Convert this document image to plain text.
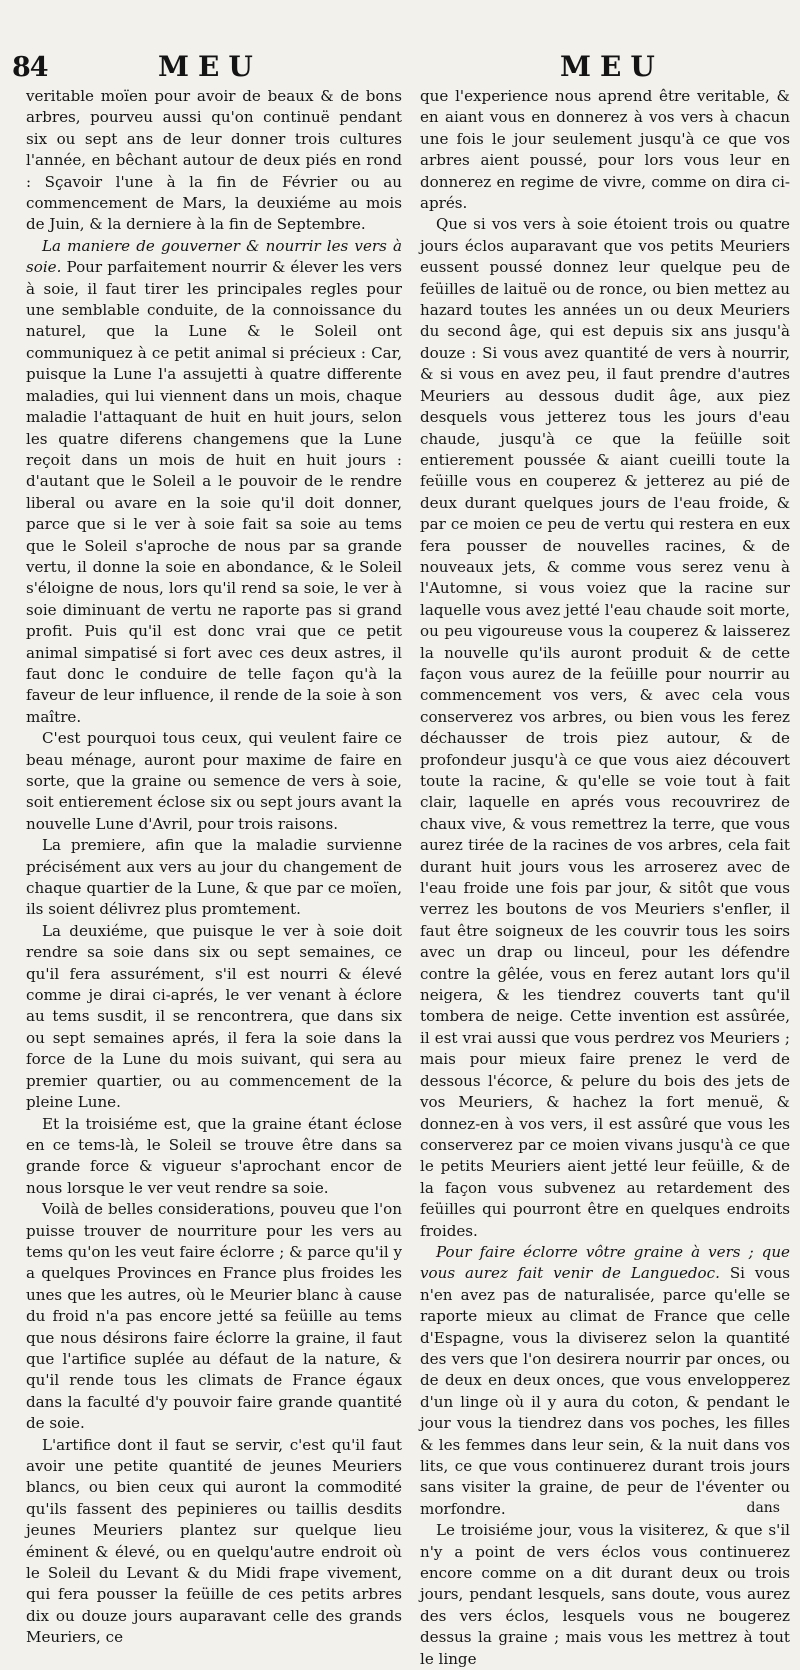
84	MEU	MEU

veritable moïen pour avoir de beaux & de bons arbres, pourveu aussi qu'on continuë pendant six ou sept ans de leur donner trois cultures l'année, en bêchant autour de deux piés en rond : Sçavoir l'une à la fin de Février ou au commencement de Mars, la deuxiéme au mois de Juin, & la derniere à la fin de Septembre.

La maniere de gouverner & nourrir les vers à soie. Pour parfaitement nourrir & élever les vers à soie, il faut tirer les principales regles pour une semblable conduite, de la connoissance du naturel, que la Lune & le Soleil ont communiquez à ce petit animal si précieux : Car, puisque la Lune l'a assujetti à quatre differente maladies, qui lui viennent dans un mois, chaque maladie l'attaquant de huit en huit jours, selon les quatre diferens changemens que la Lune reçoit dans un mois de huit en huit jours : d'autant que le Soleil a le pouvoir de le rendre liberal ou avare en la soie qu'il doit donner, parce que si le ver à soie fait sa soie au tems que le Soleil s'aproche de nous par sa grande vertu, il donne la soie en abondance, & le Soleil s'éloigne de nous, lors qu'il rend sa soie, le ver à soie diminuant de vertu ne raporte pas si grand profit. Puis qu'il est donc vrai que ce petit animal simpatisé si fort avec ces deux astres, il faut donc le conduire de telle façon qu'à la faveur de leur influence, il rende de la soie à son maître.

C'est pourquoi tous ceux, qui veulent faire ce beau ménage, auront pour maxime de faire en sorte, que la graine ou semence de vers à soie, soit entierement éclose six ou sept jours avant la nouvelle Lune d'Avril, pour trois raisons.

La premiere, afin que la maladie survienne précisément aux vers au jour du changement de chaque quartier de la Lune, & que par ce moïen, ils soient délivrez plus promtement.

La deuxiéme, que puisque le ver à soie doit rendre sa soie dans six ou sept semaines, ce qu'il fera assurément, s'il est nourri & élevé comme je dirai ci-aprés, le ver venant à éclore au tems susdit, il se rencontrera, que dans six ou sept semaines aprés, il fera la soie dans la force de la Lune du mois suivant, qui sera au premier quartier, ou au commencement de la pleine Lune.

Et la troisiéme est, que la graine étant éclose en ce tems-là, le Soleil se trouve être dans sa grande force & vigueur s'aprochant encor de nous lorsque le ver veut rendre sa soie.

Voilà de belles considerations, pouveu que l'on puisse trouver de nourriture pour les vers au tems qu'on les veut faire éclorre ; & parce qu'il y a quelques Provinces en France plus froides les unes que les autres, où le Meurier blanc à cause du froid n'a pas encore jetté sa feüille au tems que nous désirons faire éclorre la graine, il faut que l'artifice suplée au défaut de la nature, & qu'il rende tous les climats de France égaux dans la faculté d'y pouvoir faire grande quantité de soie.

L'artifice dont il faut se servir, c'est qu'il faut avoir une petite quantité de jeunes Meuriers blancs, ou bien ceux qui auront la commodité qu'ils fassent des pepinieres ou taillis desdits jeunes Meuriers plantez sur quelque lieu éminent & élevé, ou en quelqu'autre endroit où le Soleil du Levant & du Midi frape vivement, qui fera pousser la feüille de ces petits arbres dix ou douze jours auparavant celle des grands Meuriers, ce

que l'experience nous aprend être veritable, & en aiant vous en donnerez à vos vers à chacun une fois le jour seulement jusqu'à ce que vos arbres aient poussé, pour lors vous leur en donnerez en regime de vivre, comme on dira ci-aprés.

Que si vos vers à soie étoient trois ou quatre jours éclos auparavant que vos petits Meuriers eussent poussé donnez leur quelque peu de feüilles de laituë ou de ronce, ou bien mettez au hazard toutes les années un ou deux Meuriers du second âge, qui est depuis six ans jusqu'à douze : Si vous avez quantité de vers à nourrir, & si vous en avez peu, il faut prendre d'autres Meuriers au dessous dudit âge, aux piez desquels vous jetterez tous les jours d'eau chaude, jusqu'à ce que la feüille soit entierement poussée & aiant cueilli toute la feüille vous en couperez & jetterez au pié de deux durant quelques jours de l'eau froide, & par ce moien ce peu de vertu qui restera en eux fera pousser de nouvelles racines, & de nouveaux jets, & comme vous serez venu à l'Automne, si vous voiez que la racine sur laquelle vous avez jetté l'eau chaude soit morte, ou peu vigoureuse vous la couperez & laisserez la nouvelle qu'ils auront produit & de cette façon vous aurez de la feüille pour nourrir au commencement vos vers, & avec cela vous conserverez vos arbres, ou bien vous les ferez déchausser de trois piez autour, & de profondeur jusqu'à ce que vous aiez découvert toute la racine, & qu'elle se voie tout à fait clair, laquelle en aprés vous recouvrirez de chaux vive, & vous remettrez la terre, que vous aurez tirée de la racines de vos arbres, cela fait durant huit jours vous les arroserez avec de l'eau froide une fois par jour, & sitôt que vous verrez les boutons de vos Meuriers s'enfler, il faut être soigneux de les couvrir tous les soirs avec un drap ou linceul, pour les défendre contre la gêlée, vous en ferez autant lors qu'il neigera, & les tiendrez couverts tant qu'il tombera de neige. Cette invention est assûrée, il est vrai aussi que vous perdrez vos Meuriers ; mais pour mieux faire prenez le verd de dessous l'écorce, & pelure du bois des jets de vos Meuriers, & hachez la fort menuë, & donnez-en à vos vers, il est assûré que vous les conserverez par ce moien vivans jusqu'à ce que le petits Meuriers aient jetté leur feüille, & de la façon vous subvenez au retardement des feüilles qui pourront être en quelques endroits froides.

Pour faire éclorre vôtre graine à vers ; que vous aurez fait venir de Languedoc. Si vous n'en avez pas de naturalisée, parce qu'elle se raporte mieux au climat de France que celle d'Espagne, vous la diviserez selon la quantité des vers que l'on desirera nourrir par onces, ou de deux en deux onces, que vous envelopperez d'un linge où il y aura du coton, & pendant le jour vous la tiendrez dans vos poches, les filles & les femmes dans leur sein, & la nuit dans vos lits, ce que vous continuerez durant trois jours sans visiter la graine, de peur de l'éventer ou morfondre.

Le troisiéme jour, vous la visiterez, & que s'il n'y a point de vers éclos vous continuerez encore comme on a dit durant deux ou trois jours, pendant lesquels, sans doute, vous aurez des vers éclos, lesquels vous ne bougerez dessus la graine ; mais vous les mettrez à tout le linge

dans
